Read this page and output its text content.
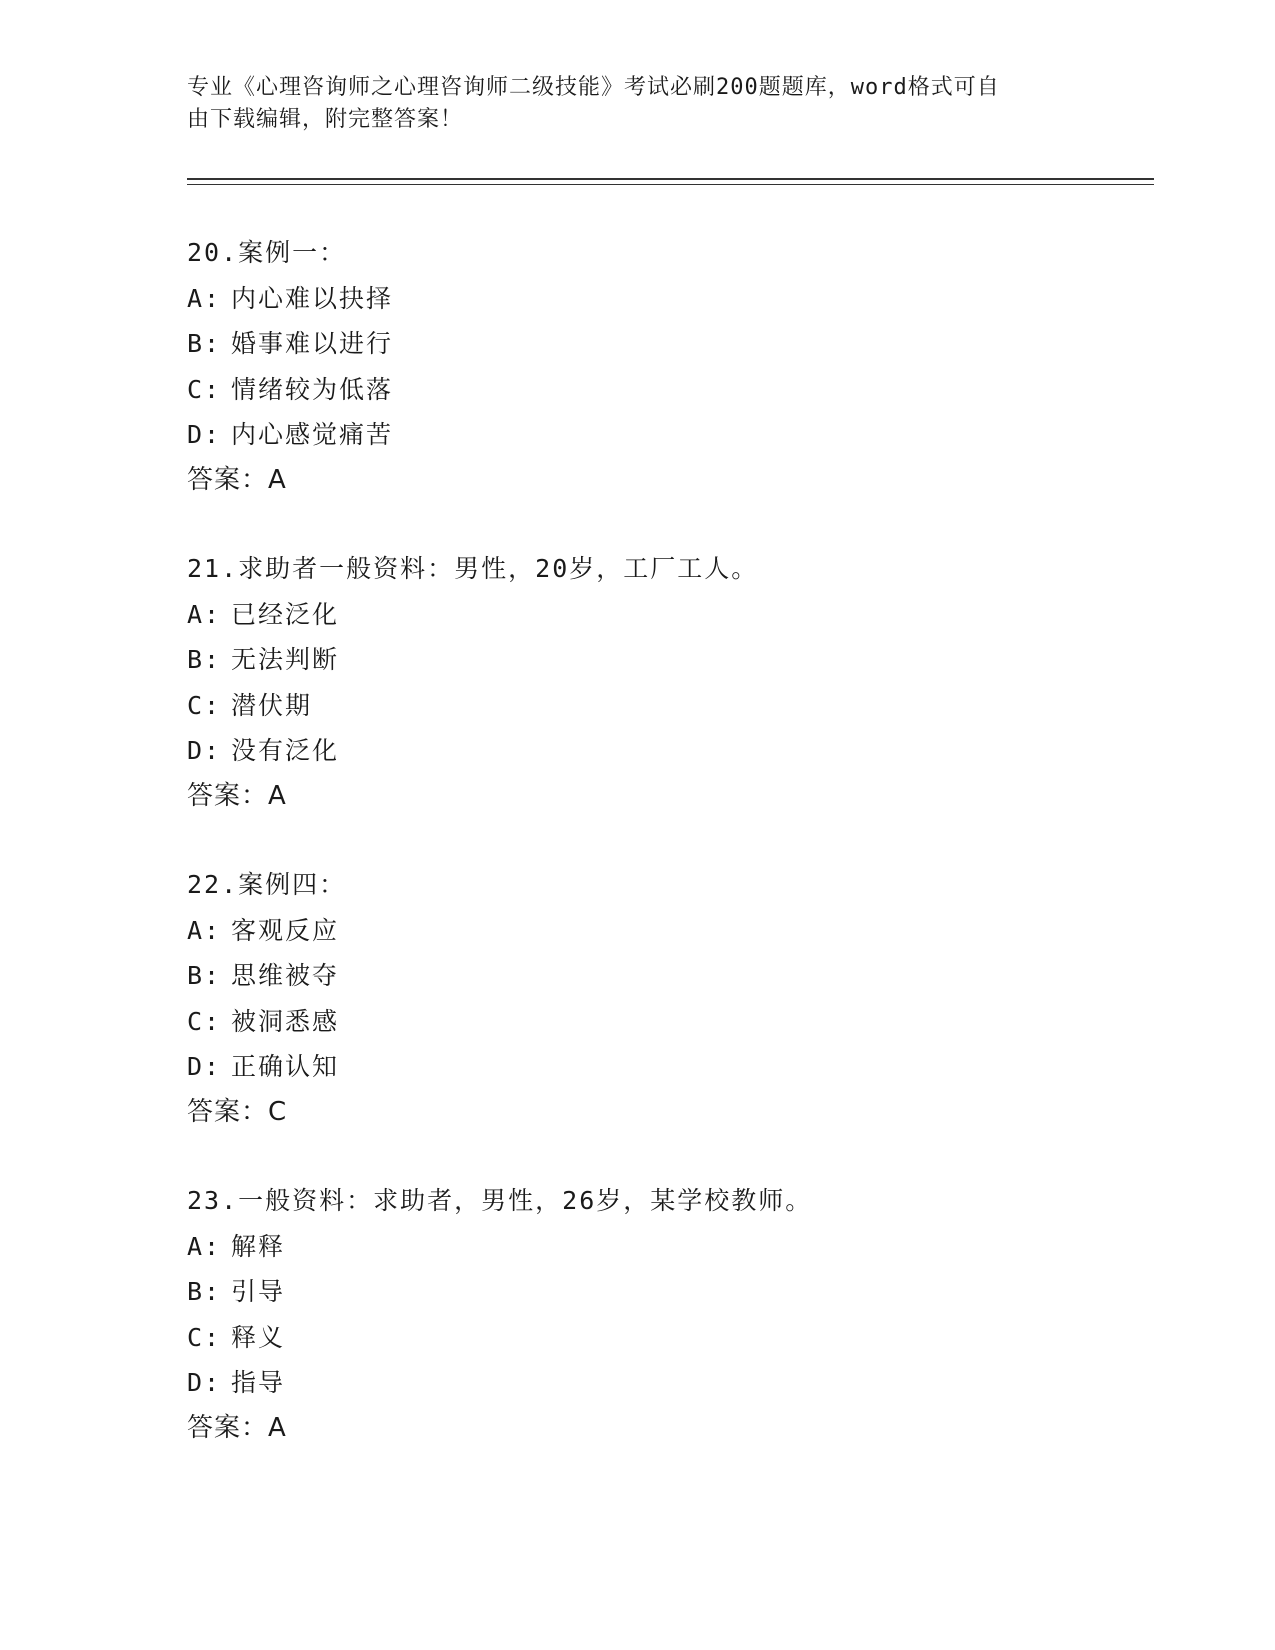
专业《心理咨询师之心理咨询师二级技能》考试必刷200题题库，word格式可自
由下载编辑，附完整答案！
20.案例一：
A: 内心难以抉择
B: 婚事难以进行
C: 情绪较为低落
D: 内心感觉痛苦
答案：A
21.求助者一般资料：男性，20岁，工厂工人。
A: 已经泛化
B: 无法判断
C: 潜伏期
D: 没有泛化
答案：A
22.案例四：
A: 客观反应
B: 思维被夺
C: 被洞悉感
D: 正确认知
答案：C
23.一般资料：求助者，男性，26岁，某学校教师。
A: 解释
B: 引导
C: 释义
D: 指导
答案：A
